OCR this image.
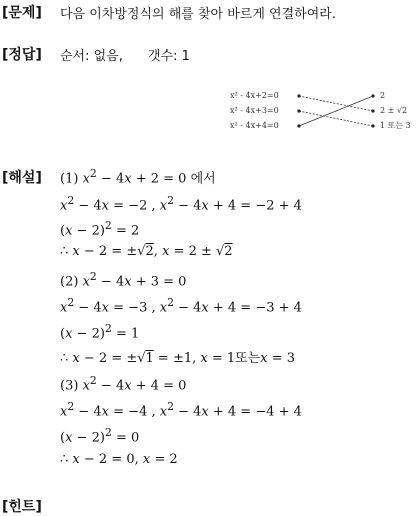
[문제] 다음 이차방정식의 해를 찾아 바르게 연결하여라.
[정답] 순서: 없음, 갯수: 1
x² - 4x+2=0
x² - 4x+3=0
x² - 4x+4=0
2
2 ± √2
1 또는 3
[해설] (1) $x^2 - 4x + 2 = 0$ 에서
$x^2 - 4x = -2$ , $x^2 - 4x + 4 = -2 + 4$
$(x - 2)^2 = 2$
∴ x − 2 = ±√2, x = 2 ± √2
(2) $x^2 - 4x + 3 = 0$
$x^2 - 4x = -3$ , $x^2 - 4x + 4 = -3 + 4$
$(x - 2)^2 = 1$
∴ x − 2 = ±√1 = ±1, x = 1또는x = 3
(3) $x^2 - 4x + 4 = 0$
$x^2 - 4x = -4$ , $x^2 - 4x + 4 = -4 + 4$
$(x - 2)^2 = 0$
∴ x − 2 = 0, x = 2
[힌트]
